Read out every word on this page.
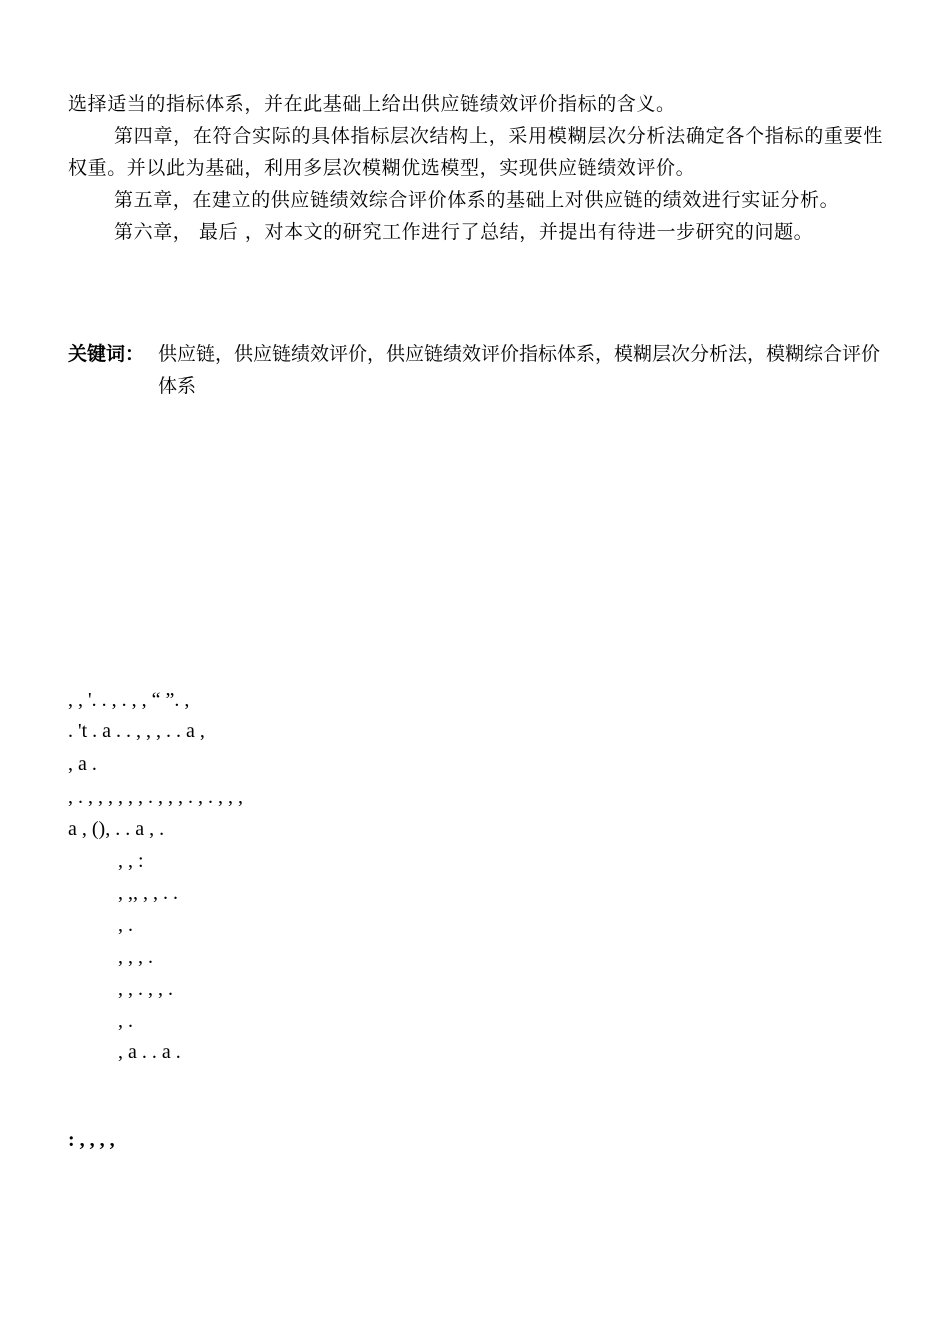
选择适当的指标体系，并在此基础上给出供应链绩效评价指标的含义。

第四章，在符合实际的具体指标层次结构上，采用模糊层次分析法确定各个指标的重要性权重。并以此为基础，利用多层次模糊优选模型，实现供应链绩效评价。

第五章，在建立的供应链绩效综合评价体系的基础上对供应链的绩效进行实证分析。

第六章， 最后 ，对本文的研究工作进行了总结，并提出有待进一步研究的问题。

关键词： 供应链，供应链绩效评价，供应链绩效评价指标体系，模糊层次分析法，模糊综合评价体系
, , '. . , . , , “ ”. ,
. 't . a . . , , , . . a ,
, a .
, . , , , , , , . , , , . , . , , ,
a , (), . . a , .
, , :
, ,, , , . .
, .
, , , .
, , . , , .
, .
, a . . a .
: , , , ,
